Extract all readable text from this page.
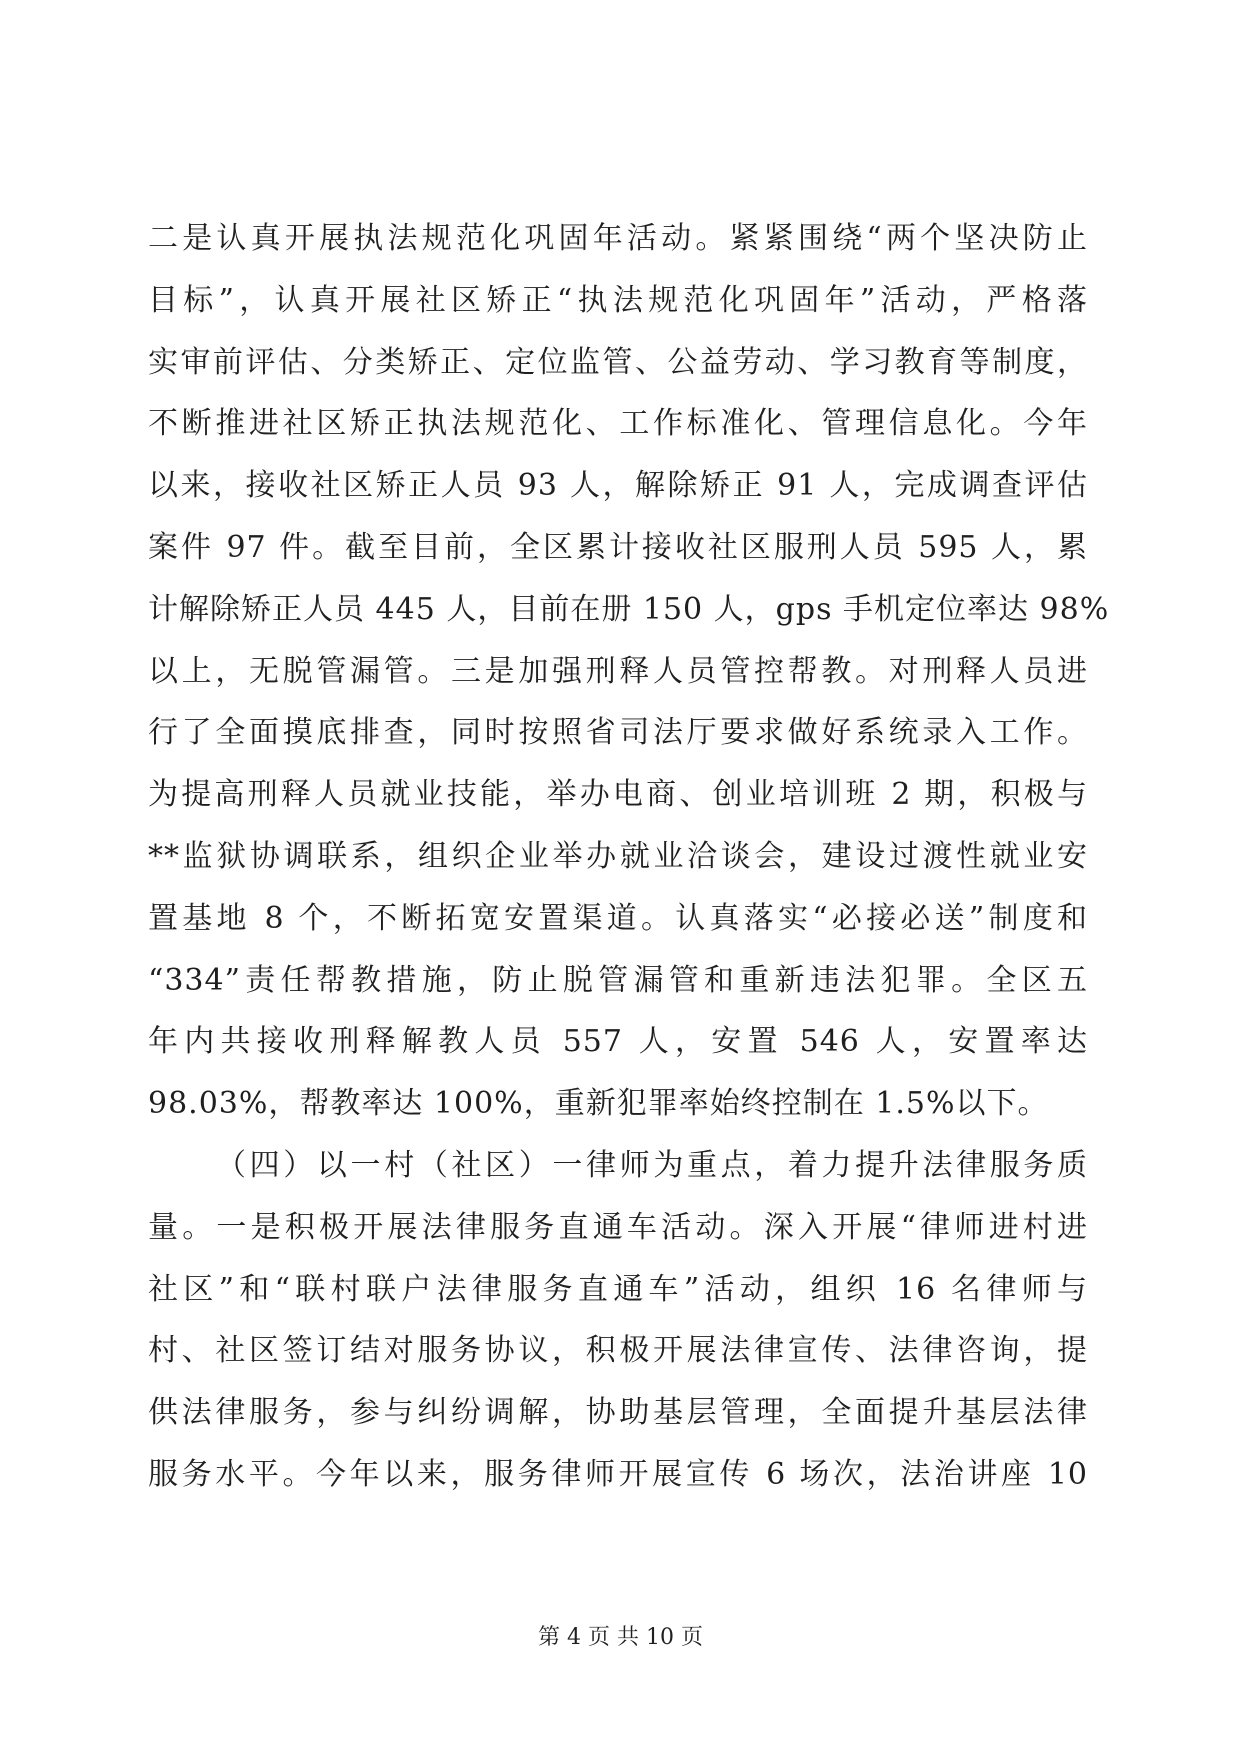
二是认真开展执法规范化巩固年活动。紧紧围绕“两个坚决防止
目标”，认真开展社区矫正“执法规范化巩固年”活动，严格落
实审前评估、分类矫正、定位监管、公益劳动、学习教育等制度，
不断推进社区矫正执法规范化、工作标准化、管理信息化。今年
以来，接收社区矫正人员 93 人，解除矫正 91 人，完成调查评估
案件 97 件。截至目前，全区累计接收社区服刑人员 595 人，累
计解除矫正人员 445 人，目前在册 150 人，gps 手机定位率达 98%
以上，无脱管漏管。三是加强刑释人员管控帮教。对刑释人员进
行了全面摸底排查，同时按照省司法厅要求做好系统录入工作。
为提高刑释人员就业技能，举办电商、创业培训班 2 期，积极与
**监狱协调联系，组织企业举办就业洽谈会，建设过渡性就业安
置基地 8 个，不断拓宽安置渠道。认真落实“必接必送”制度和
“334”责任帮教措施，防止脱管漏管和重新违法犯罪。全区五
年内共接收刑释解教人员 557 人，安置 546 人，安置率达
98.03%，帮教率达 100%，重新犯罪率始终控制在 1.5%以下。
（四）以一村（社区）一律师为重点，着力提升法律服务质
量。一是积极开展法律服务直通车活动。深入开展“律师进村进
社区”和“联村联户法律服务直通车”活动，组织 16 名律师与
村、社区签订结对服务协议，积极开展法律宣传、法律咨询，提
供法律服务，参与纠纷调解，协助基层管理，全面提升基层法律
服务水平。今年以来，服务律师开展宣传 6 场次，法治讲座 10
第 4 页 共 10 页
